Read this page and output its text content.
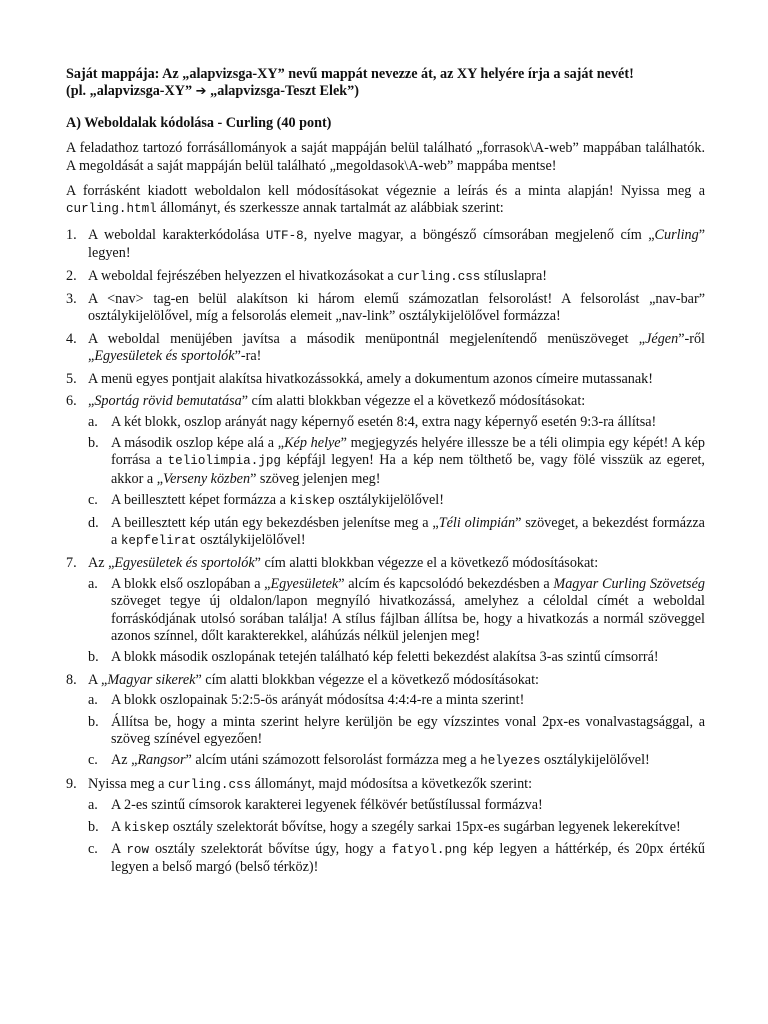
Saját mappája: Az „alapvizsga-XY” nevű mappát nevezze át, az XY helyére írja a saját nevét!
(pl. „alapvizsga-XY” ➔ „alapvizsga-Teszt Elek”)
A) Weboldalak kódolása - Curling (40 pont)
A feladathoz tartozó forrásállományok a saját mappáján belül található „forrasok\A-web” mappában találhatók. A megoldását a saját mappáján belül található „megoldasok\A-web” mappába mentse!
A forrásként kiadott weboldalon kell módosításokat végeznie a leírás és a minta alapján! Nyissa meg a curling.html állományt, és szerkessze annak tartalmát az alábbiak szerint:
1. A weboldal karakterkódolása UTF-8, nyelve magyar, a böngésző címsorában megjelenő cím „Curling” legyen!
2. A weboldal fejrészében helyezzen el hivatkozásokat a curling.css stíluslapra!
3. A <nav> tag-en belül alakítson ki három elemű számozatlan felsorolást! A felsorolást „nav-bar” osztálykijelölővel, míg a felsorolás elemeit „nav-link” osztálykijelölővel formázza!
4. A weboldal menüjében javítsa a második menüpontnál megjelenítendő menüszöveget „Jégen”-ről „Egyesületek és sportolók”-ra!
5. A menü egyes pontjait alakítsa hivatkozássokká, amely a dokumentum azonos címeire mutassanak!
6. „Sportág rövid bemutatása” cím alatti blokkban végezze el a következő módosításokat:
a. A két blokk, oszlop arányát nagy képernyő esetén 8:4, extra nagy képernyő esetén 9:3-ra állítsa!
b. A második oszlop képe alá a „Kép helye” megjegyzés helyére illessze be a téli olimpia egy képét! A kép forrása a teliolimpia.jpg képfájl legyen! Ha a kép nem tölthető be, vagy fölé visszük az egeret, akkor a „Verseny közben” szöveg jelenjen meg!
c. A beillesztett képet formázza a kiskep osztálykijelölővel!
d. A beillesztett kép után egy bekezdésben jelenítse meg a „Téli olimpián” szöveget, a bekezdést formázza a kepfelirat osztálykijelölővel!
7. Az „Egyesületek és sportolók” cím alatti blokkban végezze el a következő módosításokat:
a. A blokk első oszlopában a „Egyesületek” alcím és kapcsolódó bekezdésben a Magyar Curling Szövetség szöveget tegye új oldalon/lapon megnyíló hivatkozássá, amelyhez a céloldal címét a weboldal forráskódjának utolsó sorában találja! A stílus fájlban állítsa be, hogy a hivatkozás a normál szöveggel azonos színnel, dőlt karakterekkel, aláhúzás nélkül jelenjen meg!
b. A blokk második oszlopának tetején található kép feletti bekezdést alakítsa 3-as szintű címsorrá!
8. A „Magyar sikerek” cím alatti blokkban végezze el a következő módosításokat:
a. A blokk oszlopainak 5:2:5-ös arányát módosítsa 4:4:4-re a minta szerint!
b. Állítsa be, hogy a minta szerint helyre kerüljön be egy vízszintes vonal 2px-es vonalvastagsággal, a szöveg színével egyezően!
c. Az „Rangsor” alcím utáni számozott felsorolást formázza meg a helyezes osztálykijelölővel!
9. Nyissa meg a curling.css állományt, majd módosítsa a következők szerint:
a. A 2-es szintű címsorok karakterei legyenek félkövér betűstílussal formázva!
b. A kiskep osztály szelektorát bővítse, hogy a szegély sarkai 15px-es sugárban legyenek lekerekítve!
c. A row osztály szelektorát bővítse úgy, hogy a fatyol.png kép legyen a háttérkép, és 20px értékű legyen a belső margó (belső térköz)!
